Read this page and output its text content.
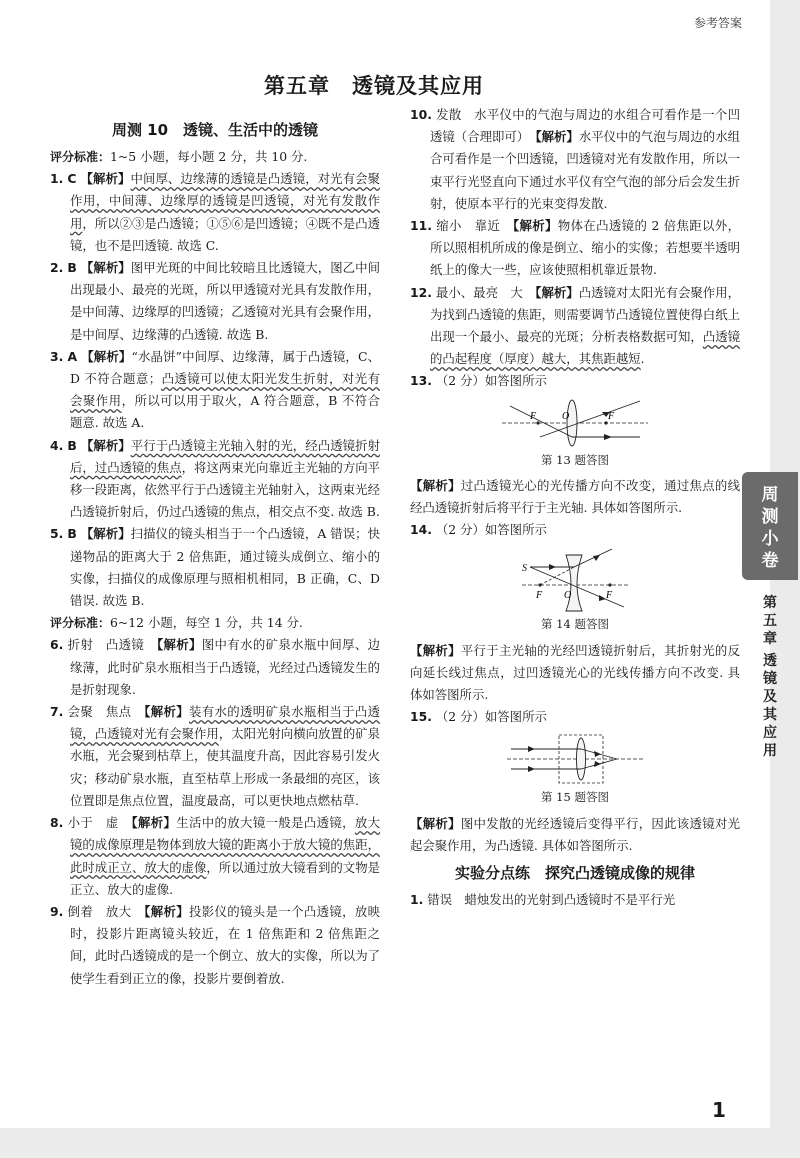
参考答案
第五章　透镜及其应用
周测 10　透镜、生活中的透镜

评分标准：1~5 小题，每小题 2 分，共 10 分.

1. C 【解析】中间厚、边缘薄的透镜是凸透镜，对光有会聚作用，中间薄、边缘厚的透镜是凹透镜，对光有发散作用，所以②③是凸透镜；①⑤⑥是凹透镜；④既不是凸透镜，也不是凹透镜. 故选 C.

2. B 【解析】图甲光斑的中间比较暗且比透镜大，图乙中间出现最小、最亮的光斑，所以甲透镜对光具有发散作用，是中间薄、边缘厚的凹透镜；乙透镜对光具有会聚作用，是中间厚、边缘薄的凸透镜. 故选 B.

3. A 【解析】“水晶饼”中间厚、边缘薄，属于凸透镜，C、D 不符合题意；凸透镜可以使太阳光发生折射，对光有会聚作用，所以可以用于取火，A 符合题意，B 不符合题意. 故选 A.

4. B 【解析】平行于凸透镜主光轴入射的光，经凸透镜折射后，过凸透镜的焦点，将这两束光向靠近主光轴的方向平移一段距离，依然平行于凸透镜主光轴射入，这两束光经凸透镜折射后，仍过凸透镜的焦点，相交点不变. 故选 B.

5. B 【解析】扫描仪的镜头相当于一个凸透镜，A 错误；快递物品的距离大于 2 倍焦距，通过镜头成倒立、缩小的实像，扫描仪的成像原理与照相机相同，B 正确，C、D 错误. 故选 B.

评分标准：6~12 小题，每空 1 分，共 14 分.

6. 折射　凸透镜　 【解析】图中有水的矿泉水瓶中间厚、边缘薄，此时矿泉水瓶相当于凸透镜，光经过凸透镜发生的是折射现象.

7. 会聚　焦点　 【解析】装有水的透明矿泉水瓶相当于凸透镜，凸透镜对光有会聚作用，太阳光射向横向放置的矿泉水瓶，光会聚到枯草上，使其温度升高，因此容易引发火灾；移动矿泉水瓶，直至枯草上形成一条最细的亮区，该位置即是焦点位置，温度最高，可以更快地点燃枯草.

8. 小于　虚　 【解析】生活中的放大镜一般是凸透镜，放大镜的成像原理是物体到放大镜的距离小于放大镜的焦距，此时成正立、放大的虚像，所以通过放大镜看到的文物是正立、放大的虚像.

9. 倒着　放大　 【解析】投影仪的镜头是一个凸透镜，放映时，投影片距离镜头较近，在 1 倍焦距和 2 倍焦距之间，此时凸透镜成的是一个倒立、放大的实像，所以为了使学生看到正立的像，投影片要倒着放.

10. 发散　水平仪中的气泡与周边的水组合可看作是一个凹透镜（合理即可）　 【解析】水平仪中的气泡与周边的水组合可看作是一个凹透镜，凹透镜对光有发散作用，所以一束平行光竖直向下通过水平仪有空气泡的部分后会发生折射，使原本平行的光束变得发散.

11. 缩小　靠近　 【解析】物体在凸透镜的 2 倍焦距以外，所以照相机所成的像是倒立、缩小的实像；若想要半透明纸上的像大一些，应该使照相机靠近景物.

12. 最小、最亮　大　 【解析】凸透镜对太阳光有会聚作用，为找到凸透镜的焦距，则需要调节凸透镜位置使得白纸上出现一个最小、最亮的光斑；分析表格数据可知，凸透镜的凸起程度（厚度）越大，其焦距越短.

13. （2 分）如答图所示

F	O	F

第 13 题答图

【解析】过凸透镜光心的光传播方向不改变，通过焦点的线经凸透镜折射后将平行于主光轴. 具体如答图所示.

14. （2 分）如答图所示

S
F O	F

第 14 题答图

【解析】平行于主光轴的光经凹透镜折射后，其折射光的反向延长线过焦点，过凹透镜光心的光线传播方向不改变. 具体如答图所示.

15. （2 分）如答图所示

第 15 题答图

【解析】图中发散的光经透镜后变得平行，因此该透镜对光起会聚作用，为凸透镜. 具体如答图所示.

实验分点练　探究凸透镜成像的规律

1. 错误　蜡烛发出的光射到凸透镜时不是平行光

周测小卷
第五章
透镜及其应用
1
